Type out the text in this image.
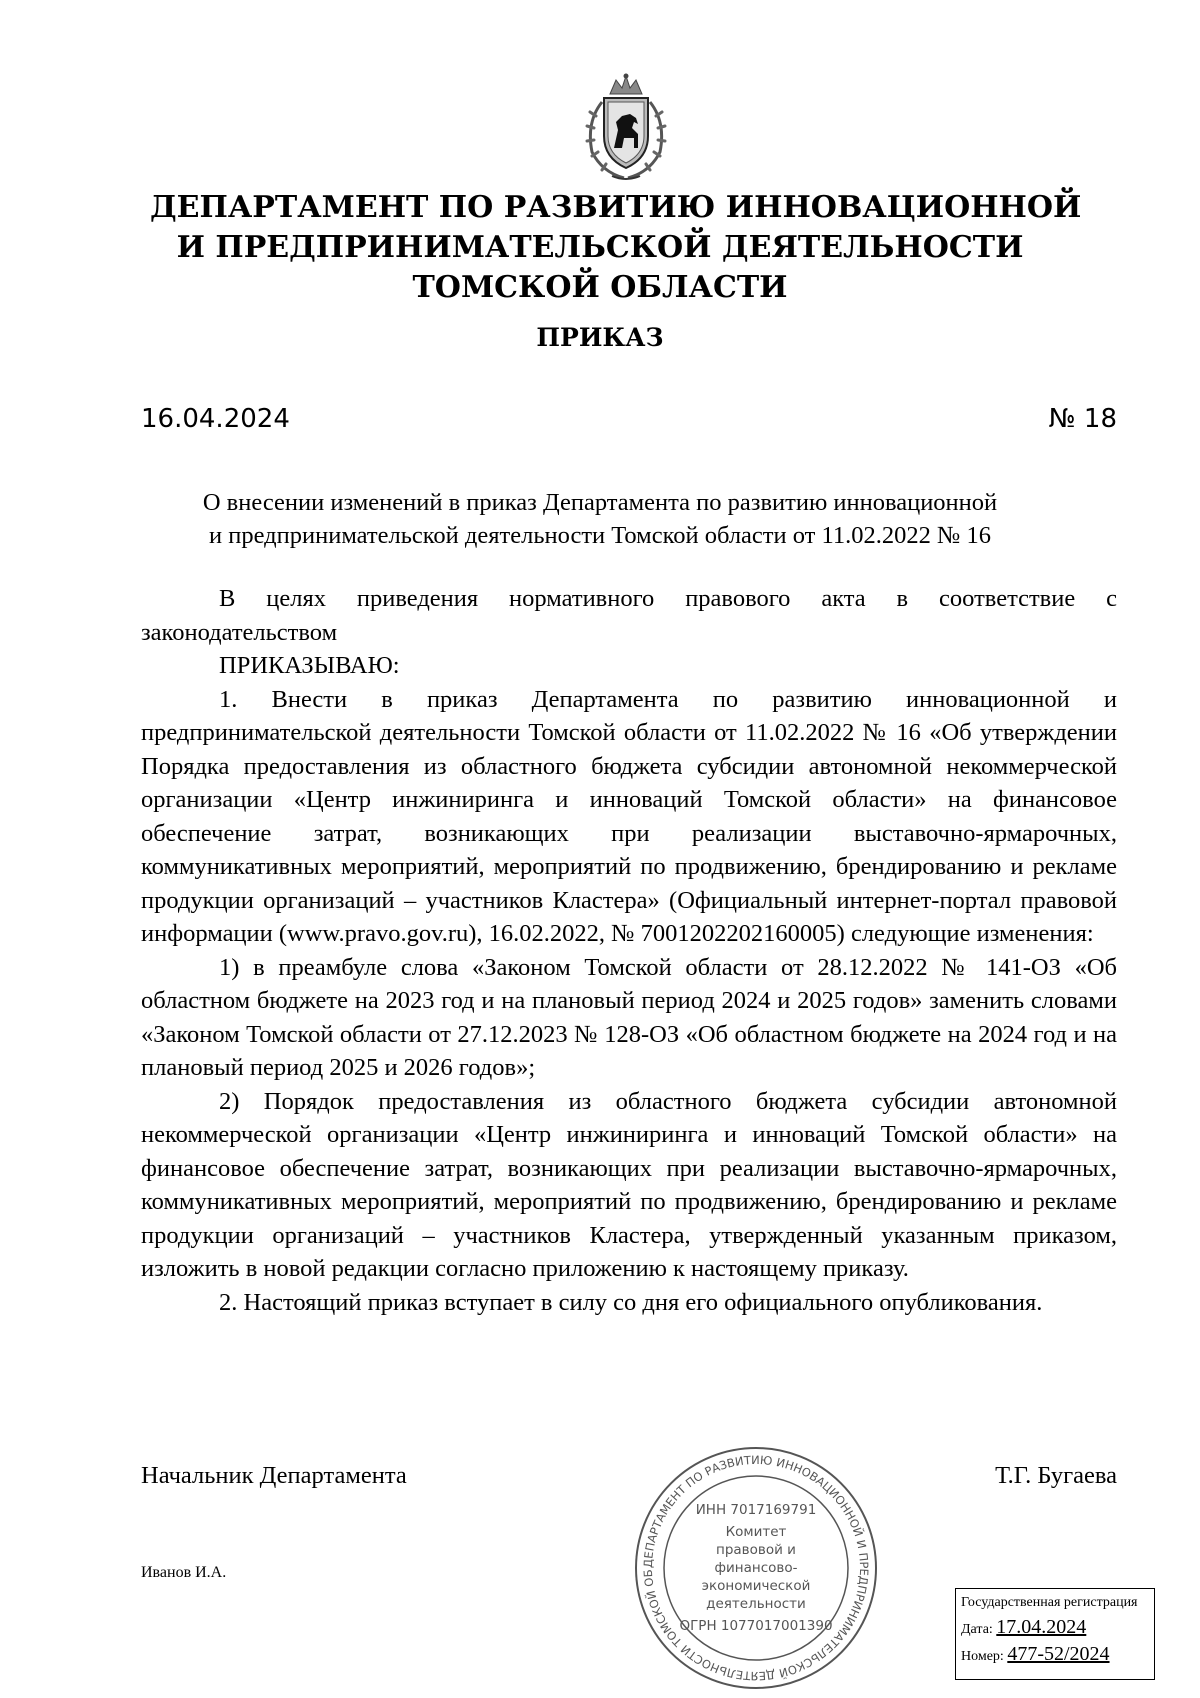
ДЕПАРТАМЕНТ ПО РАЗВИТИЮ ИННОВАЦИОННОЙ
И ПРЕДПРИНИМАТЕЛЬСКОЙ ДЕЯТЕЛЬНОСТИ
ТОМСКОЙ ОБЛАСТИ
ПРИКАЗ
16.04.2024	№ 18
О внесении изменений в приказ Департамента по развитию инновационной
и предпринимательской деятельности Томской области от 11.02.2022 № 16

В целях приведения нормативного правового акта в соответствие с законодательством

ПРИКАЗЫВАЮ:

1. Внести в приказ Департамента по развитию инновационной и предпринимательской деятельности Томской области от 11.02.2022 № 16 «Об утверждении Порядка предоставления из областного бюджета субсидии автономной некоммерческой организации «Центр инжиниринга и инноваций Томской области» на финансовое обеспечение затрат, возникающих при реализации выставочно-ярмарочных, коммуникативных мероприятий, мероприятий по продвижению, брендированию и рекламе продукции организаций – участников Кластера» (Официальный интернет-портал правовой информации (www.pravo.gov.ru), 16.02.2022, № 7001202202160005) следующие изменения:

1) в преамбуле слова «Законом Томской области от 28.12.2022 № 141-ОЗ «Об областном бюджете на 2023 год и на плановый период 2024 и 2025 годов» заменить словами «Законом Томской области от 27.12.2023 № 128-ОЗ «Об областном бюджете на 2024 год и на плановый период 2025 и 2026 годов»;

2) Порядок предоставления из областного бюджета субсидии автономной некоммерческой организации «Центр инжиниринга и инноваций Томской области» на финансовое обеспечение затрат, возникающих при реализации выставочно-ярмарочных, коммуникативных мероприятий, мероприятий по продвижению, брендированию и рекламе продукции организаций – участников Кластера, утвержденный указанным приказом, изложить в новой редакции согласно приложению к настоящему приказу.

2. Настоящий приказ вступает в силу со дня его официального опубликования.

Начальник Департамента	Т.Г. Бугаева
Иванов И.А.
ДЕПАРТАМЕНТ ПО РАЗВИТИЮ ИННОВАЦИОННОЙ И ПРЕДПРИНИМАТЕЛЬСКОЙ ДЕЯТЕЛЬНОСТИ ТОМСКОЙ ОБ
ИНН 7017169791
Комитет
правовой и
финансово-
экономической
деятельности
ОГРН 1077017001390
Государственная регистрация
Дата: 17.04.2024
Номер: 477-52/2024
